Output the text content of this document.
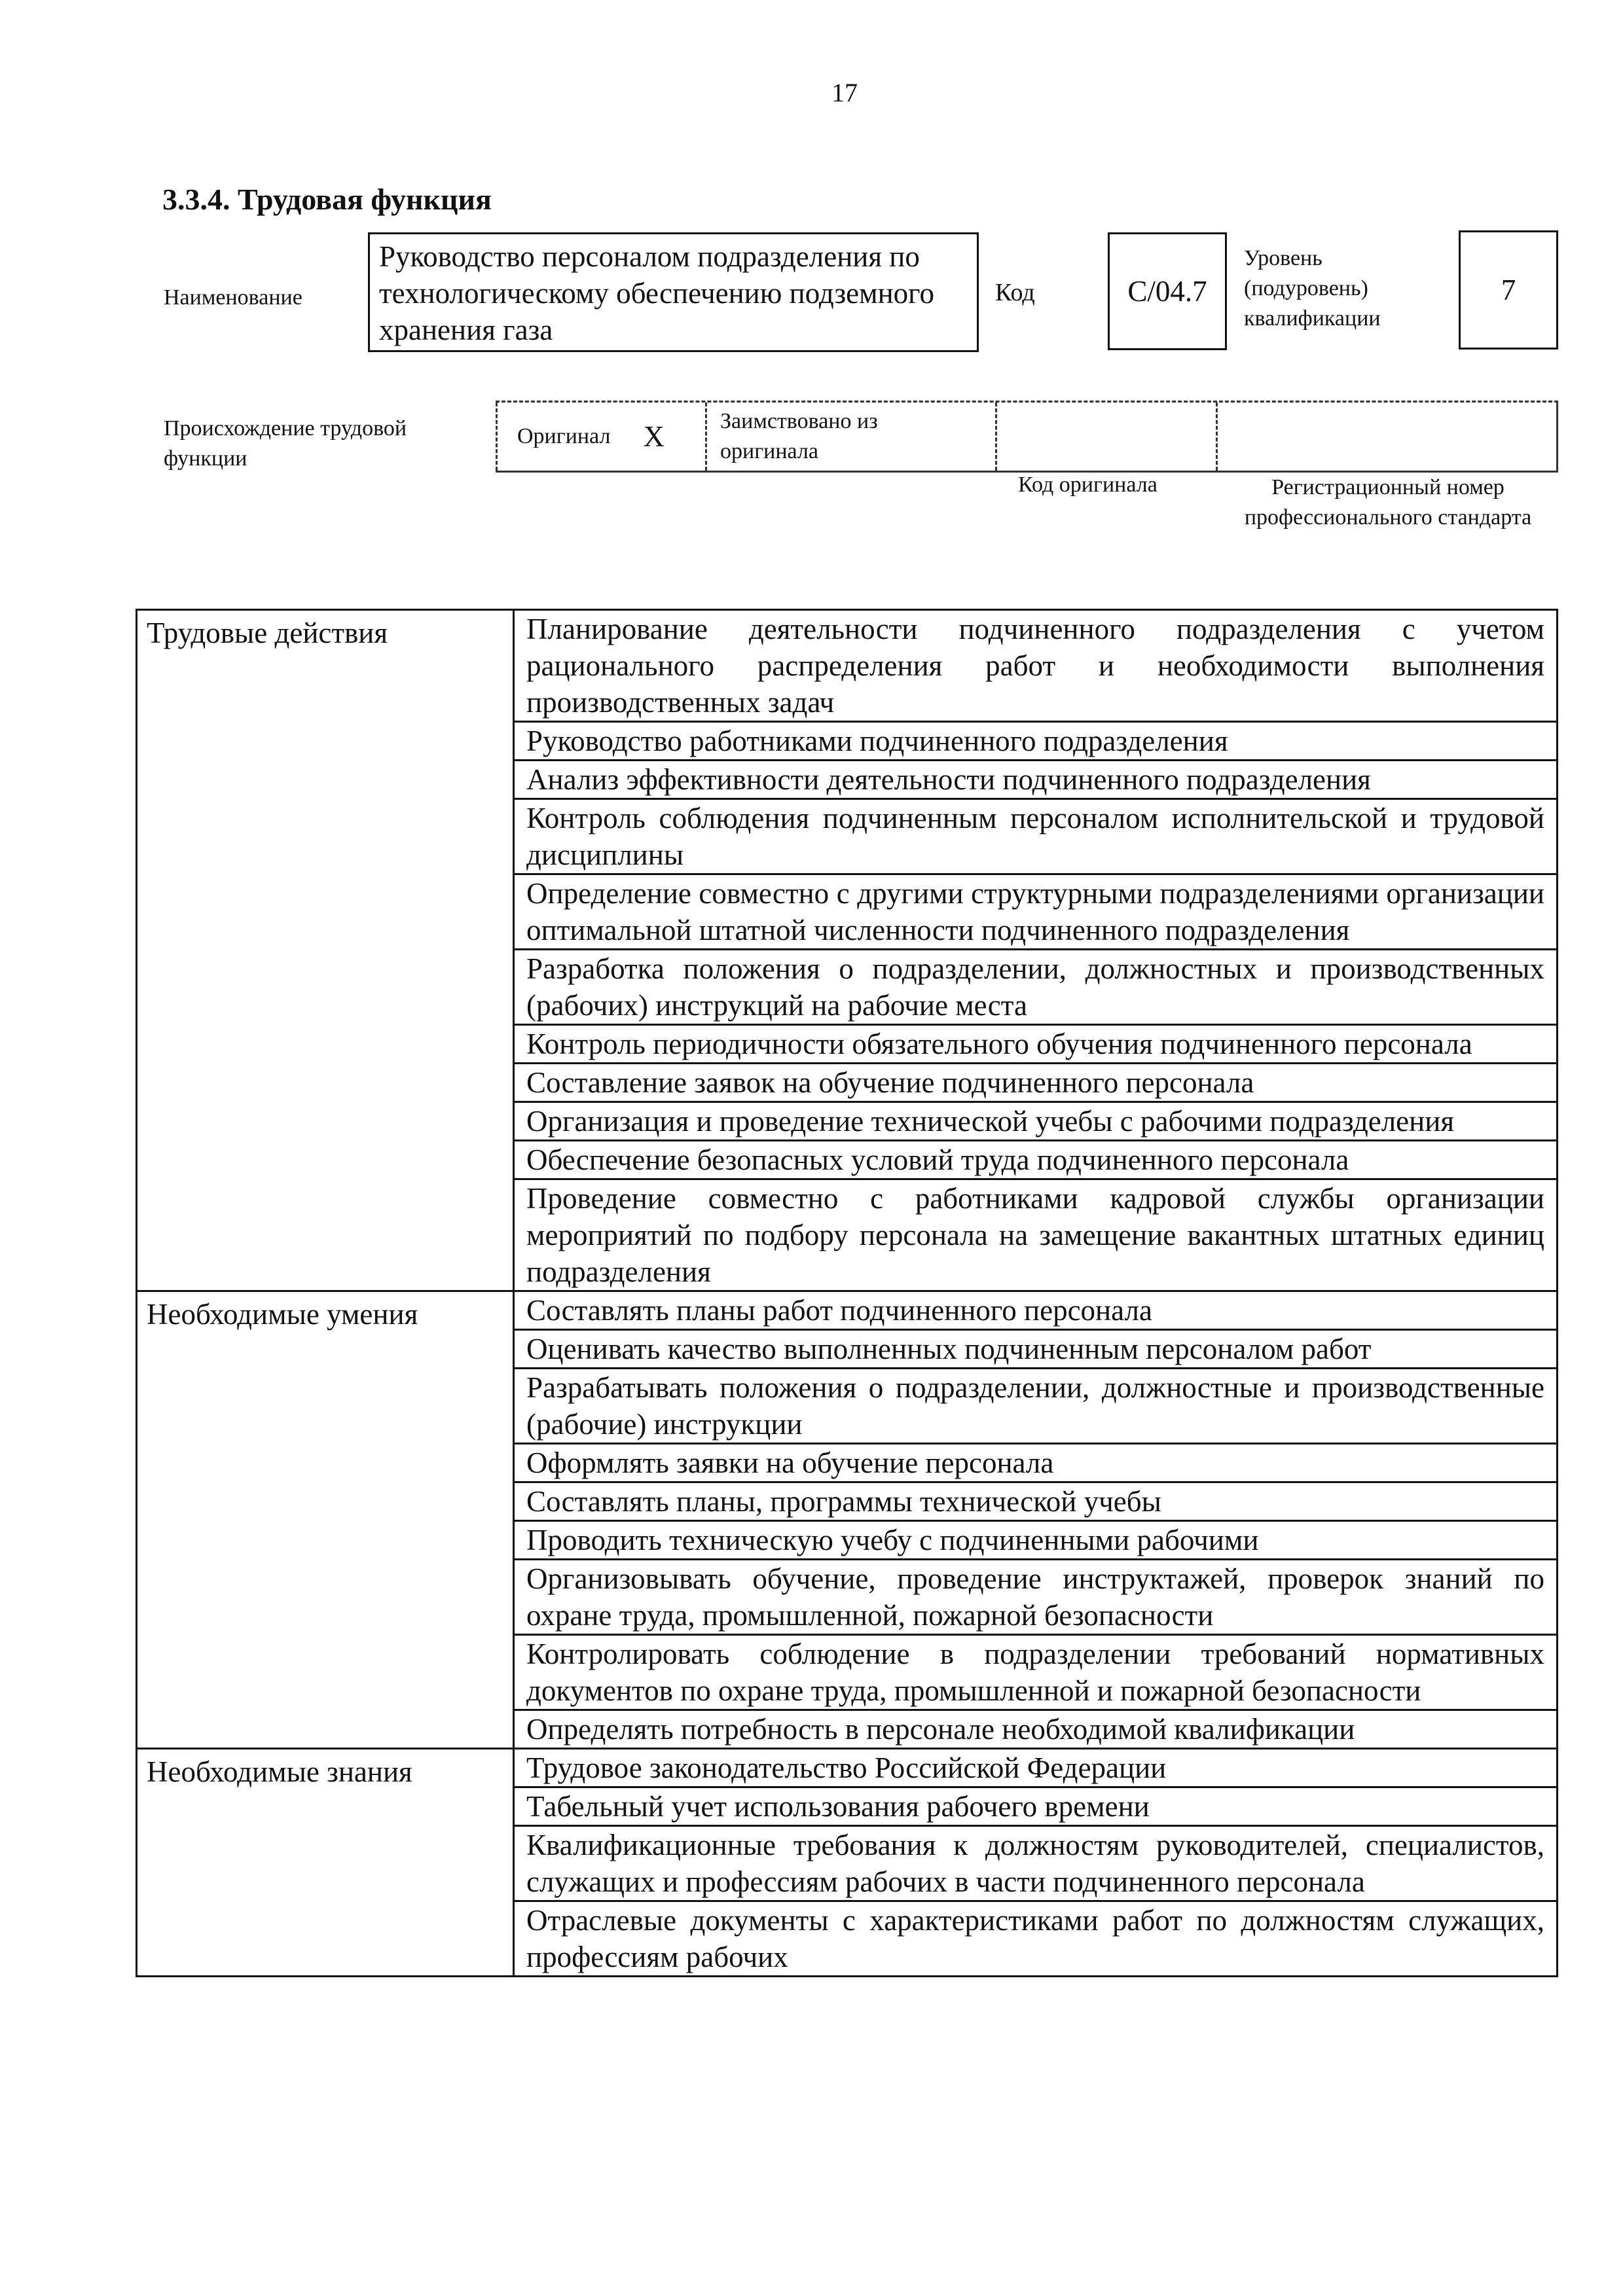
17
3.3.4. Трудовая функция
Наименование
Руководство персоналом подразделения по технологическому обеспечению подземного хранения газа
Код	C/04.7
Уровень (подуровень) квалификации
7
Происхождение трудовой функции
Оригинал X	Заимствовано из оригинала
Код оригинала	Регистрационный номер профессионального стандарта
Трудовые действия	Планирование деятельности подчиненного подразделения с учетом рационального распределения работ и необходимости выполнения производственных задач
	Руководство работниками подчиненного подразделения
	Анализ эффективности деятельности подчиненного подразделения
	Контроль соблюдения подчиненным персоналом исполнительской и трудовой дисциплины
	Определение совместно с другими структурными подразделениями организации оптимальной штатной численности подчиненного подразделения
	Разработка положения о подразделении, должностных и производственных (рабочих) инструкций на рабочие места
	Контроль периодичности обязательного обучения подчиненного персонала
	Составление заявок на обучение подчиненного персонала
	Организация и проведение технической учебы с рабочими подразделения
	Обеспечение безопасных условий труда подчиненного персонала
	Проведение совместно с работниками кадровой службы организации мероприятий по подбору персонала на замещение вакантных штатных единиц подразделения
Необходимые умения	Составлять планы работ подчиненного персонала
	Оценивать качество выполненных подчиненным персоналом работ
	Разрабатывать положения о подразделении, должностные и производственные (рабочие) инструкции
	Оформлять заявки на обучение персонала
	Составлять планы, программы технической учебы
	Проводить техническую учебу с подчиненными рабочими
	Организовывать обучение, проведение инструктажей, проверок знаний по охране труда, промышленной, пожарной безопасности
	Контролировать соблюдение в подразделении требований нормативных документов по охране труда, промышленной и пожарной безопасности
	Определять потребность в персонале необходимой квалификации
Необходимые знания	Трудовое законодательство Российской Федерации
	Табельный учет использования рабочего времени
	Квалификационные требования к должностям руководителей, специалистов, служащих и профессиям рабочих в части подчиненного персонала
	Отраслевые документы с характеристиками работ по должностям служащих, профессиям рабочих
